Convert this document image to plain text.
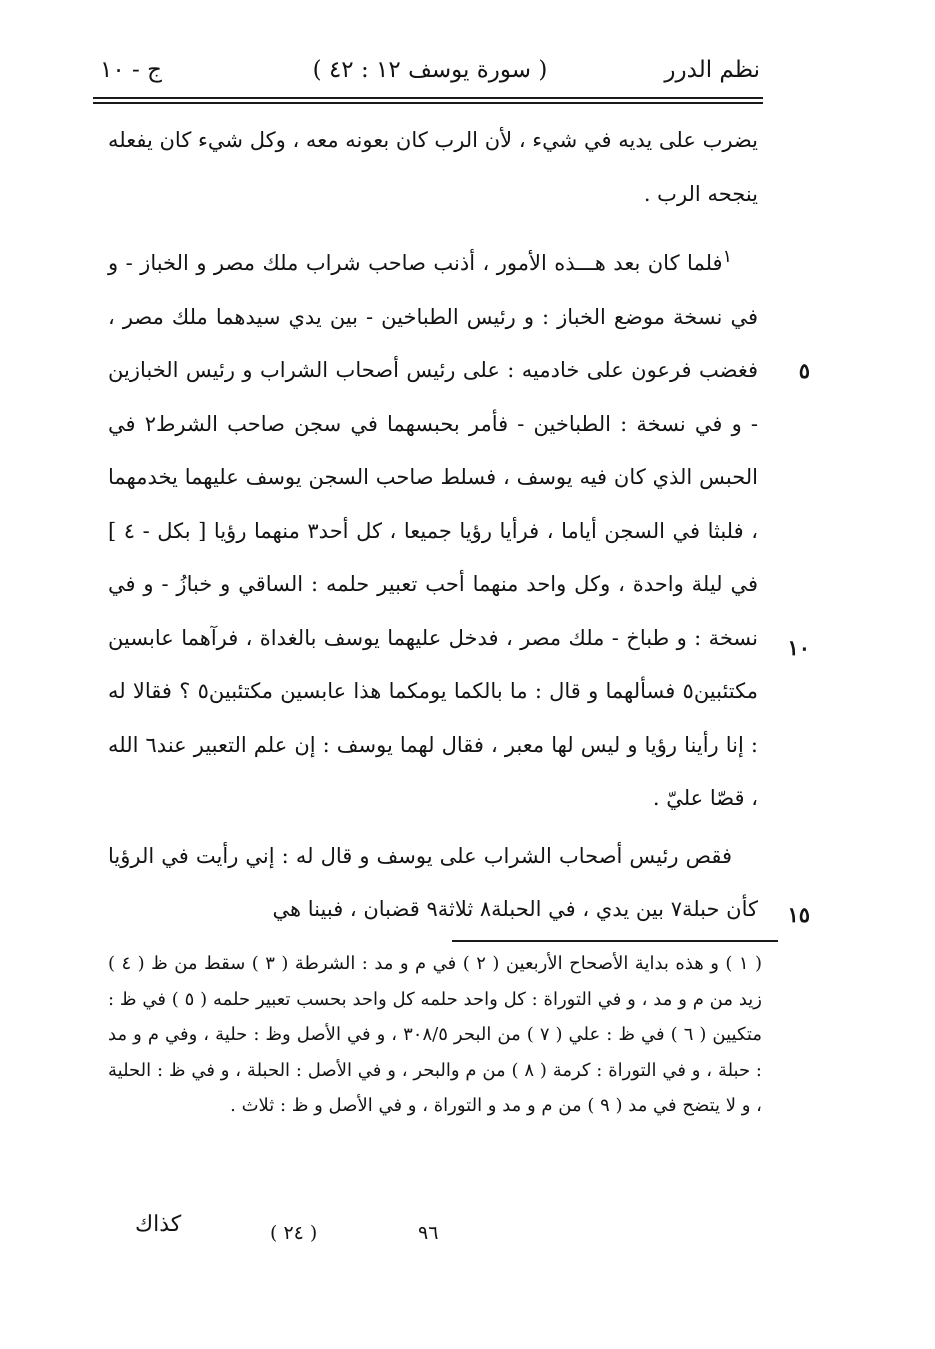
نظم الدرر
( سورة يوسف ١٢ : ٤٢ )
ج - ١٠

يضرب على يديه في شيء ، لأن الرب كان بعونه معه ، وكل شيء كان يفعله ينجحه الرب .

$^١$فلما كان بعد هـــذه الأمور ، أذنب صاحب شراب ملك مصر و الخباز - و في نسخة موضع الخباز : و رئيس الطباخين - بين يدي سيدهما ملك مصر ، فغضب فرعون على خادميه : على رئيس أصحاب الشراب و رئيس الخبازين - و في نسخة : الطباخين - فأمر بحبسهما في سجن صاحب الشرط٢ في الحبس الذي كان فيه يوسف ، فسلط صاحب السجن يوسف عليهما يخدمهما ، فلبثا في السجن أياما ، فرأيا رؤيا جميعا ، كل أحد٣ منهما رؤيا [ بكل - ٤ ] في ليلة واحدة ، وكل واحد منهما أحب تعبير حلمه : الساقي و خبازُ - و في نسخة : و طباخ - ملك مصر ، فدخل عليهما يوسف بالغداة ، فرآهما عابسين مكتئبين٥ فسألهما و قال : ما بالكما يومكما هذا عابسين مكتئبين٥ ؟ فقالا له : إنا رأينا رؤيا و ليس لها معبر ، فقال لهما يوسف : إن علم التعبير عند٦ الله ، قصّا عليّ .

فقص رئيس أصحاب الشراب على يوسف و قال له : إني رأيت في الرؤيا كأن حبلة٧ بين يدي ، في الحبلة٨ ثلاثة٩ قضبان ، فبينا هي

٥
١٠
١٥

( ١ ) و هذه بداية الأصحاح الأربعين ( ٢ ) في م و مد : الشرطة ( ٣ ) سقط من ظ ( ٤ ) زيد من م و مد ، و في التوراة : كل واحد حلمه كل واحد بحسب تعبير حلمه ( ٥ ) في ظ : متكيين ( ٦ ) في ظ : علي ( ٧ ) من البحر ٣٠٨/٥ ، و في الأصل وظ : حلية ، وفي م و مد : حبلة ، و في التوراة : كرمة ( ٨ ) من م والبحر ، و في الأصل : الحبلة ، و في ظ : الحلية ، و لا يتضح في مد ( ٩ ) من م و مد و التوراة ، و في الأصل و ظ : ثلاث .

٩٦
( ٢٤ )
كذاك
